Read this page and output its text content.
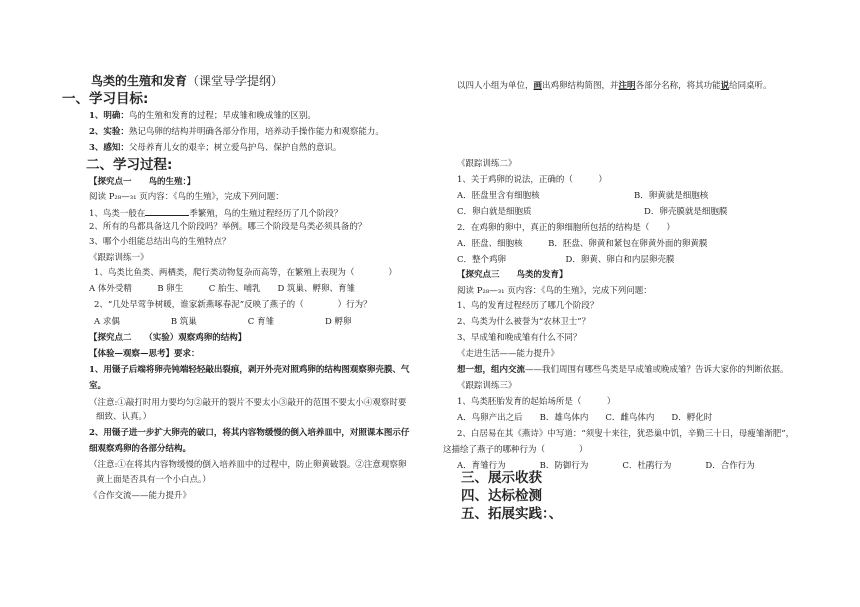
鸟类的生殖和发育（课堂导学提纲）
一、学习目标:
1、明确：鸟的生殖和发育的过程；早成雏和晚成雏的区别。
2、实验：熟记鸟卵的结构并明确各部分作用，培养动手操作能力和观察能力。
3、感知：父母养育儿女的艰辛；树立爱鸟护鸟、保护自然的意识。
二、学习过程:
【探究点一　　鸟的生殖：】
阅读 P₂₈—₃₁ 页内容：《鸟的生殖》，完成下列问题：
1、鸟类一般在	季繁殖，鸟的生殖过程经历了几个阶段？
2、所有的鸟都具备这几个阶段吗？举例。哪三个阶段是鸟类必须具备的？
3、哪个小组能总结出鸟的生殖特点？
《跟踪训练一》
1、鸟类比鱼类、两栖类，爬行类动物复杂而高等，在繁殖上表现为（　　　　）
A 体外受精　　　B 卵生　　　C 胎生、哺乳　　D 筑巢、孵卵、育雏
2、“几处早莺争树暖，谁家新燕啄春泥”反映了燕子的（　　　　）行为？
A 求偶　　　　　　B 筑巢　　　　　　C 育雏　　　　　　D 孵卵
【探究点二　　（实验）观察鸡卵的结构】
【体验—观察—思考】要求：
1、用镊子后端将卵壳钝端轻轻敲出裂痕，剥开外壳对照鸡卵的结构图观察卵壳膜、气
室。
（注意:①敲打时用力要均匀②敲开的裂片不要太小③敲开的范围不要太小④观察时要
细致、认真。）
2、用镊子进一步扩大卵壳的破口，将其内容物缓慢的倒入培养皿中，对照课本图示仔
细观察鸡卵的各部分结构。
（注意:①在将其内容物缓慢的倒入培养皿中的过程中，防止卵黄破裂。②注意观察卵
黄上面是否具有一个小白点。）
《合作交流——能力提升》
以四人小组为单位，画出鸡卵结构简图，并注明各部分名称，将其功能说给同桌听。
《跟踪训练二》
1、关于鸡卵的说法，正确的（　　　）
A．胚盘里含有细胞核	B．卵黄就是细胞核
C．卵白就是细胞质	D．卵壳膜就是细胞膜
2．在鸡卵的卵中，真正的卵细胞所包括的结构是（　　）
A．胚盘、细胞核　　　B．胚盘、卵黄和紧包在卵黄外面的卵黄膜
C．整个鸡卵　　　　　　　D．卵黄、卵白和内层卵壳膜
【探究点三　　鸟类的发育】
阅读 P₂₈—₃₁ 页内容：《鸟的生殖》，完成下列问题：
1、鸟的发育过程经历了哪几个阶段？
2、鸟类为什么被誉为“农林卫士”？
3、早成雏和晚成雏有什么不同？
《走进生活——能力提升》
想一想，组内交流——我们周围有哪些鸟类是早成雏或晚成雏？告诉大家你的判断依据。
《跟踪训练三》
1、鸟类胚胎发育的起始场所是（　　　）
A．鸟卵产出之后　　B．雄鸟体内　　C．雌鸟体内　　D．孵化时
2、白居易在其《燕诗》中写道：“须叟十来往，犹恐巢中饥，辛勤三十日，母瘦雏渐肥”，
这描绘了燕子的哪种行为（　　　　）
A．育雏行为　　　　B．防御行为　　　　C．杜鹃行为　　　　D．合作行为
三、展示收获
四、达标检测
五、拓展实践：、
